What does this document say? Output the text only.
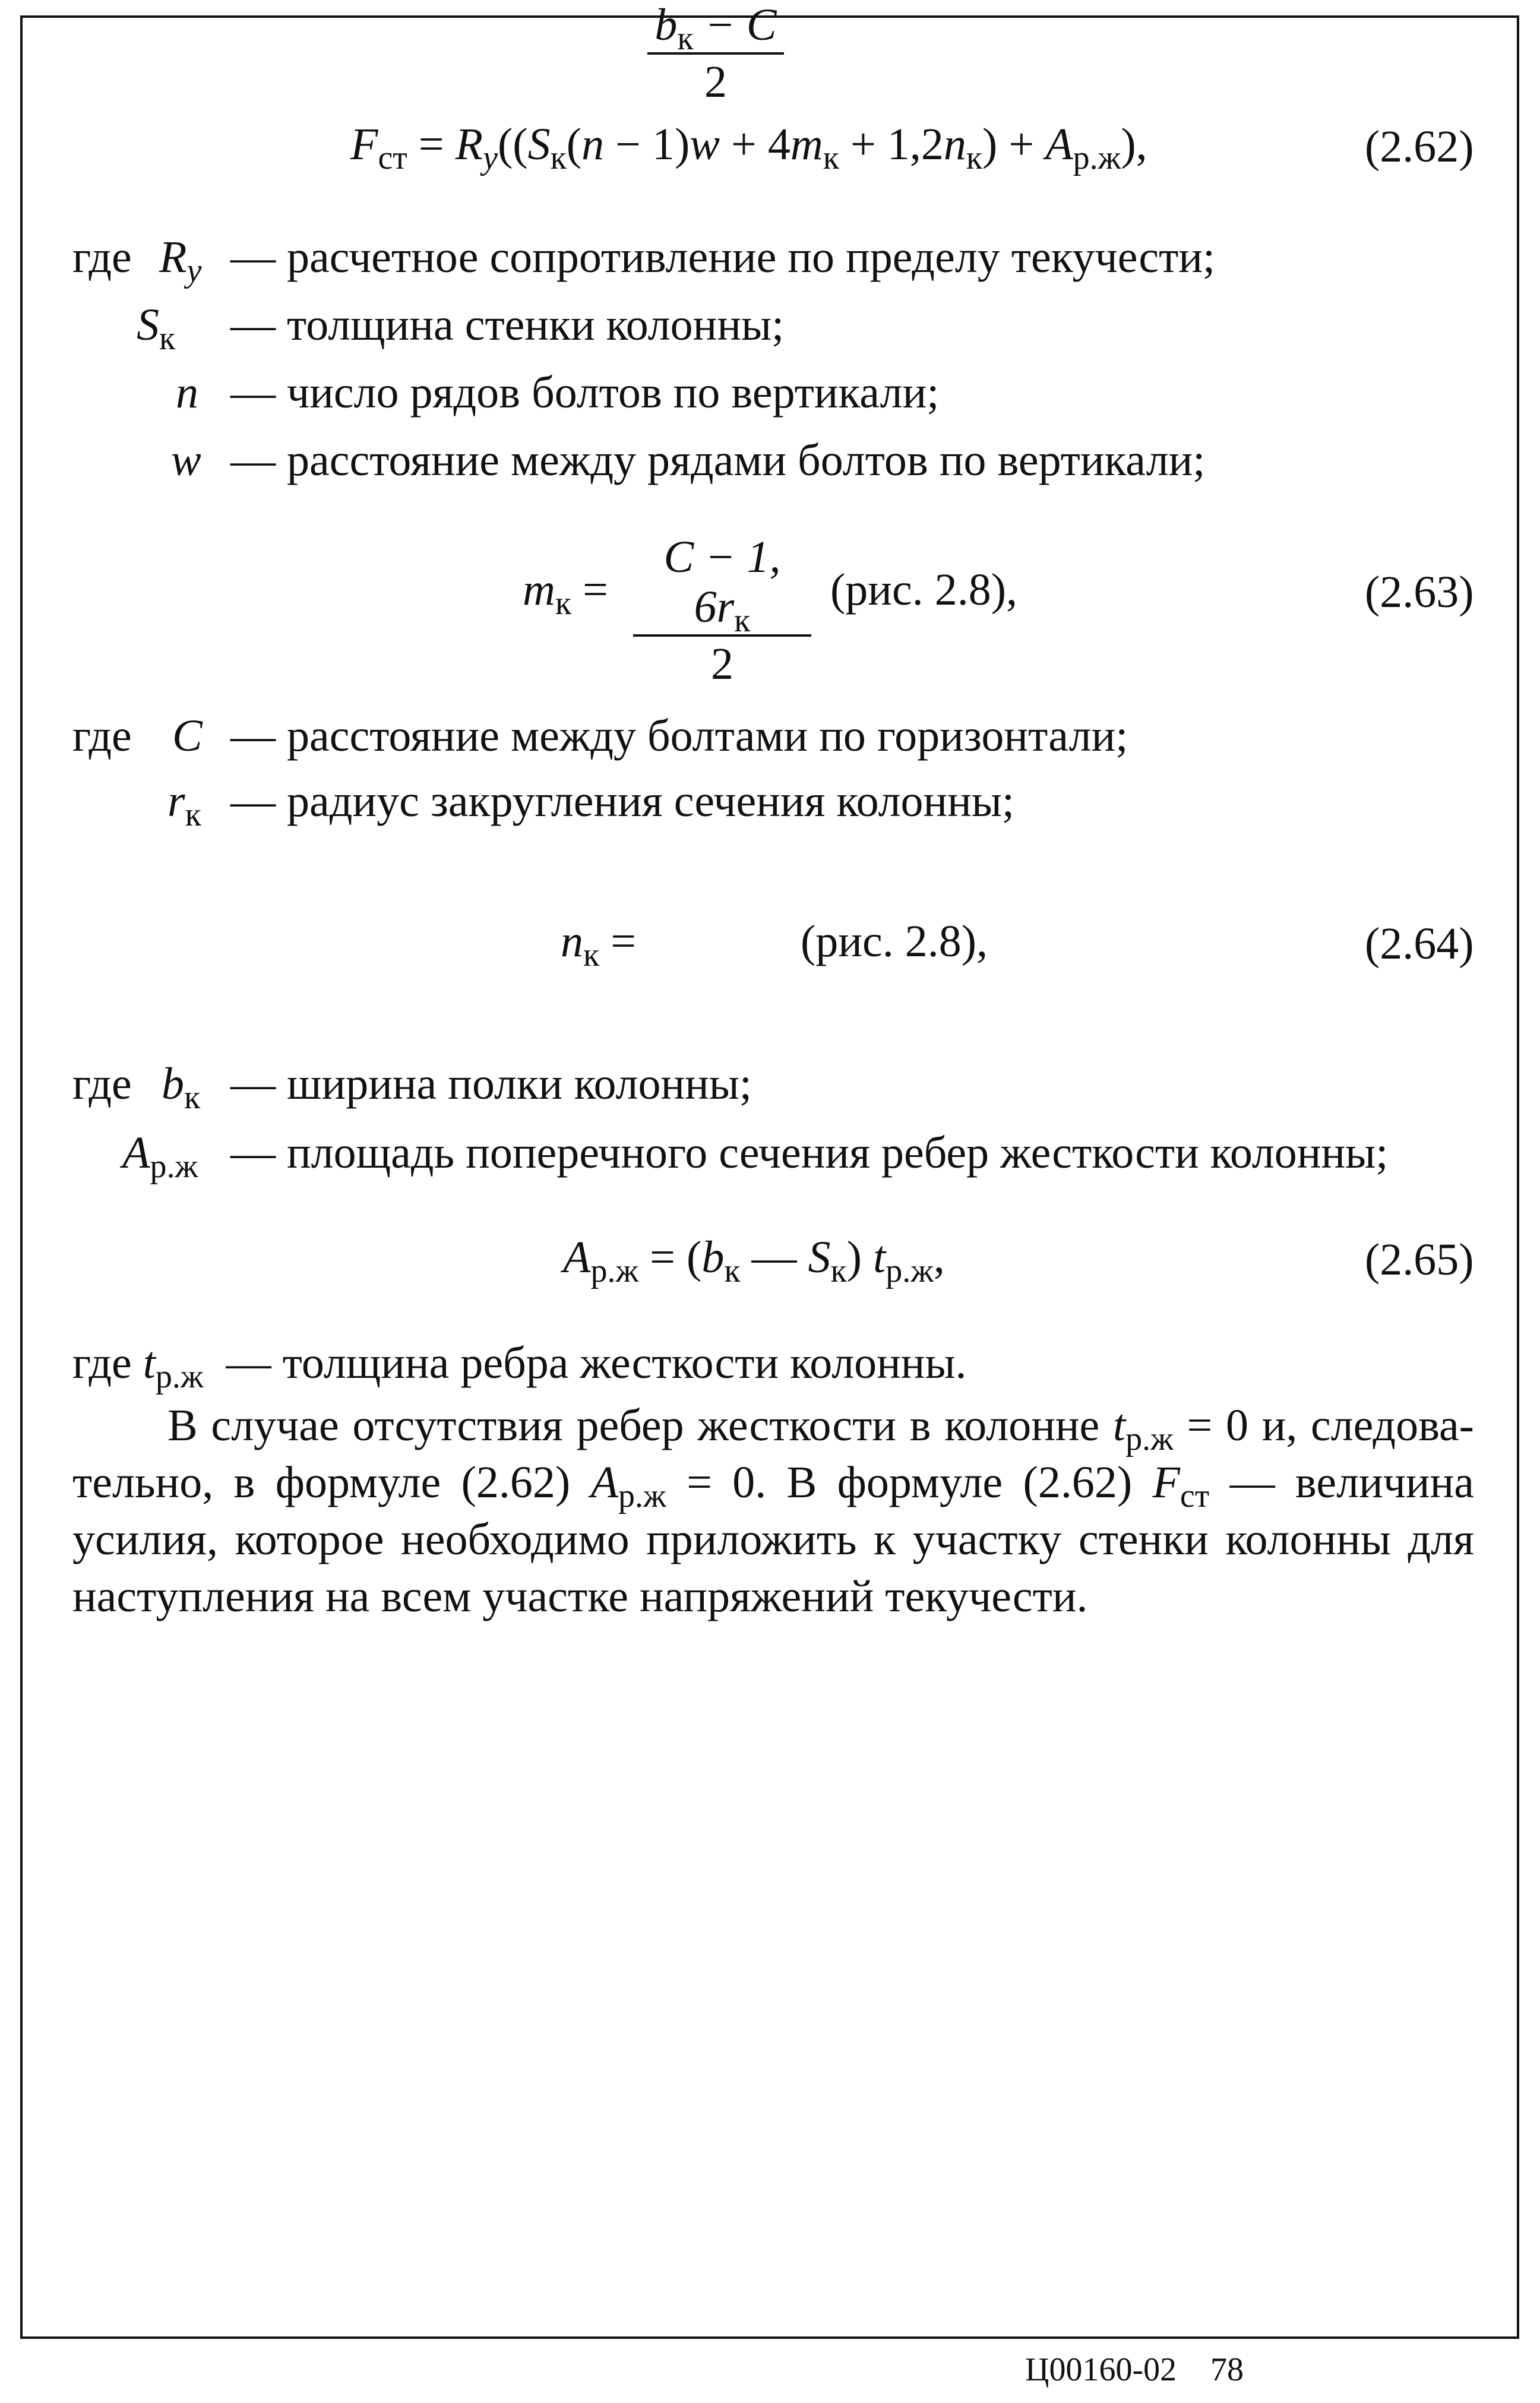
$F_{ст} = R_y((S_к(n - 1)w + 4m_к + 1,2n_к) + A_{р.ж})$,	(2.62)
где $R_y$ — расчетное сопротивление по пределу текучести;
$S_к$ — толщина стенки колонны;
n — число рядов болтов по вертикали;
w — расстояние между рядами болтов по вертикали;
$m_к$ =
C − 1, $6r_к$
2
(рис. 2.8),	(2.63)
где C — расстояние между болтами по горизонтали;
$r_к$ — радиус закругления сечения колонны;
$n_к$ =
$b_к - C$
2
(рис. 2.8),	(2.64)
где $b_к$ — ширина полки колонны;
$A_{р.ж}$ — площадь поперечного сечения ребер жесткости колонны;
$A_{р.ж} = (b_к$ — $S_к$) $t_{р.ж}$,	(2.65)
где $t_{р.ж}$ — толщина ребра жесткости колонны.
В случае отсутствия ребер жесткости в колонне $t_{р.ж} = 0$ и, следова-
тельно, в формуле (2.62) $A_{р.ж} = 0$. В формуле (2.62) $F_{ст}$ — величина
усилия, которое необходимо приложить к участку стенки колонны для
наступления на всем участке напряжений текучести.
Ц00160-02 78
